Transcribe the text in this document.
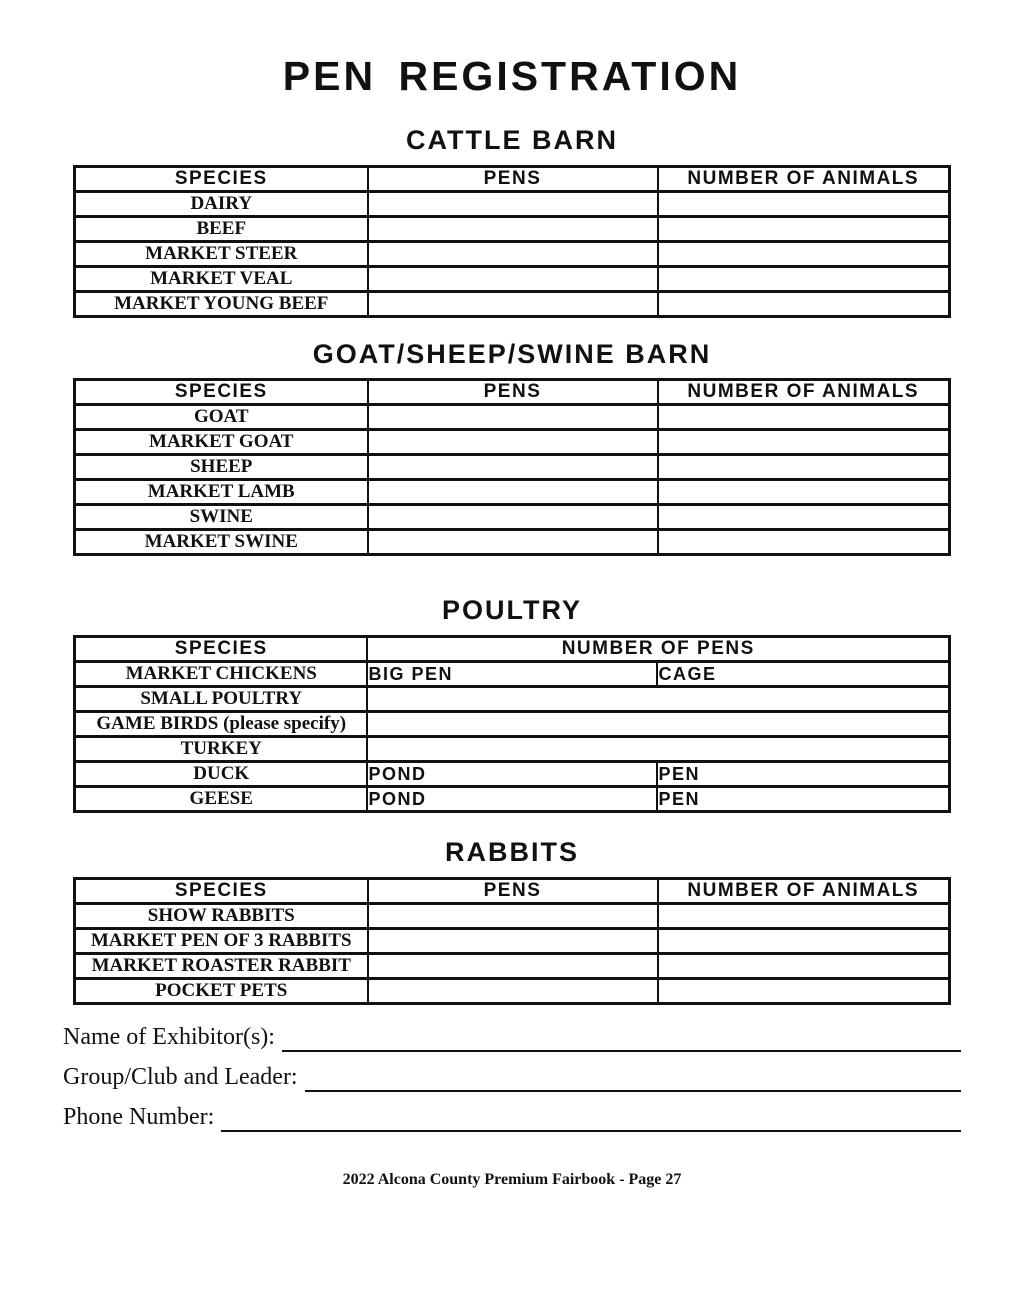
PEN REGISTRATION
CATTLE BARN
SPECIES	PENS	NUMBER OF ANIMALS
DAIRY		
BEEF		
MARKET STEER		
MARKET VEAL		
MARKET YOUNG BEEF		
GOAT/SHEEP/SWINE BARN
SPECIES	PENS	NUMBER OF ANIMALS
GOAT		
MARKET GOAT		
SHEEP		
MARKET LAMB		
SWINE		
MARKET SWINE		
POULTRY
SPECIES	NUMBER OF PENS	
MARKET CHICKENS	BIG PEN	CAGE
SMALL POULTRY		
GAME BIRDS (please specify)		
TURKEY		
DUCK	POND	PEN
GEESE	POND	PEN
RABBITS
SPECIES	PENS	NUMBER OF ANIMALS
SHOW RABBITS		
MARKET PEN OF 3 RABBITS		
MARKET ROASTER RABBIT		
POCKET PETS		
Name of Exhibitor(s):
Group/Club and Leader:
Phone Number:
2022 Alcona County Premium Fairbook - Page 27
